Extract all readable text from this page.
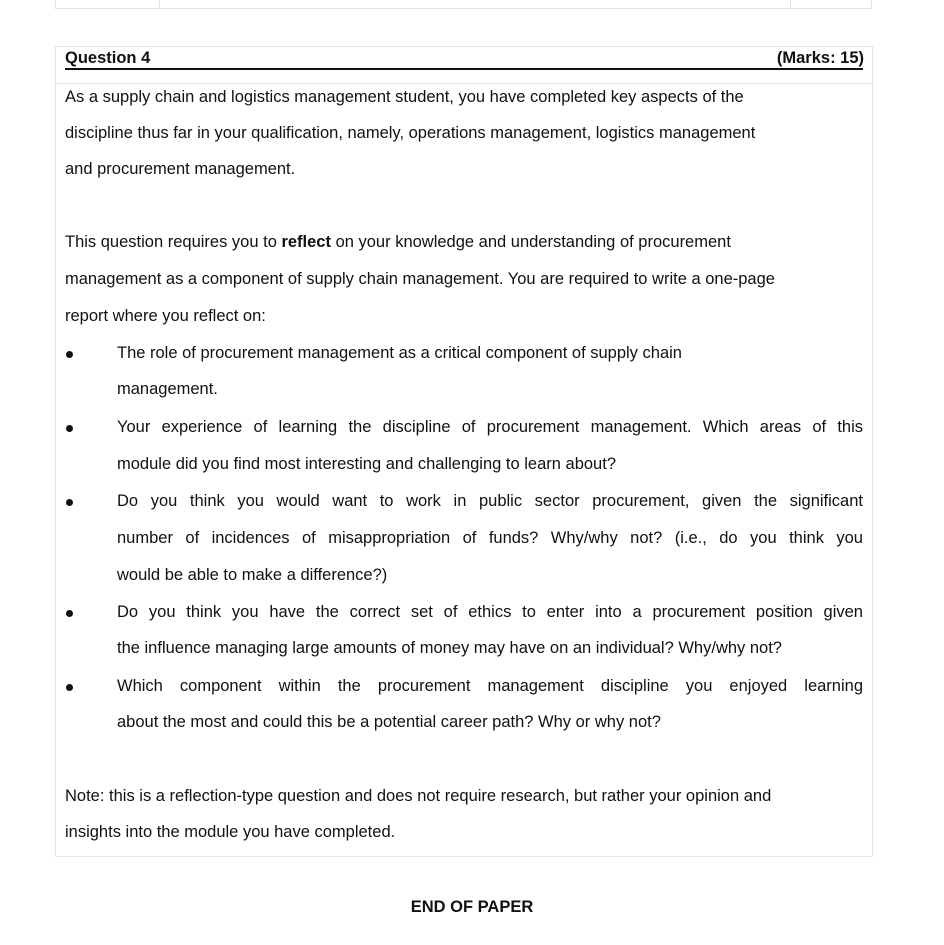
Question 4	(Marks: 15)
As a supply chain and logistics management student, you have completed key aspects of the
discipline thus far in your qualification, namely, operations management, logistics management
and procurement management.
This question requires you to reflect on your knowledge and understanding of procurement
management as a component of supply chain management. You are required to write a one-page
report where you reflect on:
The role of procurement management as a critical component of supply chain
management.
Your experience of learning the discipline of procurement management. Which areas of this
module did you find most interesting and challenging to learn about?
Do you think you would want to work in public sector procurement, given the significant
number of incidences of misappropriation of funds? Why/why not? (i.e., do you think you
would be able to make a difference?)
Do you think you have the correct set of ethics to enter into a procurement position given
the influence managing large amounts of money may have on an individual? Why/why not?
Which component within the procurement management discipline you enjoyed learning
about the most and could this be a potential career path? Why or why not?
Note: this is a reflection-type question and does not require research, but rather your opinion and
insights into the module you have completed.
END OF PAPER
